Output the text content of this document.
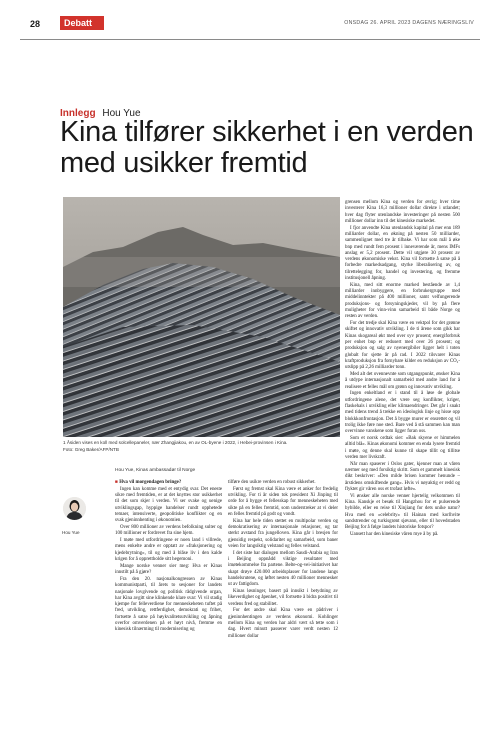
28	Debatt	ONSDAG 26. APRIL 2023 DAGENS NÆRINGSLIV
Innlegg Hou Yue
Kina tilfører sikkerhet i en verden med usikker fremtid
1 Åsiden vises en koll med solcellepaneler, nær Zhangjiakou, en av OL-byene i 2022, i Hebei-provinsen i Kina.
Foto: Greg Baker/AFP/NTB
Hou Yue, Kinas ambassadør til Norge
Hou Yue

■ Hva vil morgendagen bringe?

Ingen kan komme med et entydig svar. Det eneste sikre med fremtiden, er at det knyttes stor usikkerhet til det som skjer i verden. Vi ser svake og uenige utviklingsgap, hyppige handelser rundt opphetede temaer, intensiverte, geopolitiske konflikter og en svak gjeninnhenting i økonomien.

Over 800 millioner av verdens befolkning sulter og 100 millioner er fordrevet fra sine hjem.

I møte med utfordringene er noen land i villrede, mens enkelte andre er opptatt av «fraksjonering og kjedebrytning», til og med å blåse liv i den kalde krigen for å opprettholde sitt hegemoni.

Mange norske venner sier meg: Hva er Kinas innstilt på å gjøre?

Fra den 20. nasjonalkongressen av Kinas kommunistparti, til årets to sesjoner for landets nasjonale lovgivende og politisk rådgivende organ, har Kina avgitt sine klinkende klare svar: Vi vil stadig kjempe for felleverdiene for menneskeheten tuftet på fred, utvikling, rettferdighet, demokrati og frihet, fortsette å satse på høykvalitetsutvikling og åpning overfor omverdenen på et høyt nivå, fremme en kinesisk tilnærming til modernisering og

tilføre den usikre verden en robust sikkerhet.

Først og fremst skal Kina være et anker for fredelig utvikling. For ti år siden tok president Xi Jinping til orde for å bygge et fellesskap for menneskeheten med sikte på en felles fremtid, som understreker at vi deler en felles fremtid på godt og vondt.

Kina har hele tiden stettet en multipolar verden og demokratisering av internasjonale relasjoner, og tar sterkt avstand fra jungelloven. Kina går i bresjen for gjensidig respekt, solidaritet og samarbeid, som baner veien for langsiktig velstand og felles velstand.

I det siste har dialogen mellom Saudi-Arabia og Iran i Beijing oppnådd viktige resultater med imøtekommelse fra partene. Belte-og-vei-initiativet har skapt drøye 420.000 arbeidsplasser for landene langs handelsrutene, og løftet nesten 40 millioner mennesker ut av fattigdom.

Kinas løsninger, basert på innsikt i betydning av likeverdighet og åpenhet, vil fortsette å bidra positivt til verdens fred og stabilitet.

For det andre skal Kina være en pådriver i gjeninnhentingen av verdens økonomi. Kohlinger mellom Kina og verden har aldri vært så tette som i dag. Hvert minutt passerer varer verdt nesten 12 millioner dollar

grensen mellom Kina og verden for øvrig; hver time investerer Kina 16,3 millioner dollar direkte i utlandet; hver dag flyter utenlandske investeringer på nesten 500 millioner dollar inn til det kinesiske markedet.

I fjor anvendte Kina utenlandsk kapital på mer enn 189 milliarder dollar, en økning på nesten 50 milliarder, sammenlignet med tre år tilbake. Vi har som mål å øke bnp med rundt fem prosent i inneværende år, mens IMFs anslag er 5,2 prosent. Dette vil utgjøre 30 prosent av verdens økonomiske vekst. Kina vil fortsette å satse på å forbedre markedsadgang, styrke liberalisering av, og tilrettelegging for, handel og investering, og fremme institusjonell åpning.

Kina, med sitt enorme marked bestående av 1,4 milliarder innbyggere, en forbrukergruppe med middelinntekter på 400 millioner, samt velfungerende produksjons- og forsyningskjeder, vil by på flere muligheter for vinn-vinn samarbeid til både Norge og resten av verden.

For det tredje skal Kina være en vektpol for det grønne skiftet og innovativ utvikling. I de ti årene som gikk har Kinas skogareal økt med over syv prosent; energiforbruk per enhet bnp er redusert med over 26 prosent; og produksjon og salg av nyenergibiler ligger helt i toten globalt for sjette år på rad. I 2022 tilsvarer Kinas kraftproduksjon fra fornybare kilder en reduksjon av CO₂-utslipp på 2,26 milliarder tonn.

Med alt det ovennevnte som utgangspunkt, ønsker Kina å utdype internasjonalt samarbeid med andre land for å realisere et felles mål om grønn og innovativ utvikling.

Ingen enkeltland er i stand til å løse de globale utfordringene alene, det være seg konflikter, kriger, flaskehals i utvikling eller klimaendringer. Det går i snakt med tidens trend å trekke en ideologisk linje og hisse opp blokkkonfrontasjon. Det å bygge murer er ensrettet og vil trolig ikke føre noe sted. Bare ved å stå sammen kan man overvinne vanskene som ligger foran oss.

Som et norsk ordtak sier: «Bak skyene er himmelen alltid blå». Kinas økonomi kommer en enda lysere fremtid i møte, og denne skal kunne til skape tillit og tillitse verden mer livskraft.

Når man spaserer i Oslos gater, kjenner man at våren nærmer seg med forsiktig skritt. Som et gammelt kinesisk dikt beskriver: «Den milde brisen kommer henunde – årstidens omskiftende gang». Hvis vi nøyaktig er redd og flyktet gir våren oss et trofast løfte».

Vi ønsker alle norske venner hjertelig velkommen til Kina. Kanskje et besøk til Hangzhou for et pulserende bybilde, eller en reise til Xinjiang for dets unike natur? Hva med en «celebrity» til Hainan med korlhvite sandstrender og turkisgrønt sjøvann, eller til hovedstaden Beijing for å følge landets historiske fotspor?

Uansett har den kinesiske våren mye å by på.
